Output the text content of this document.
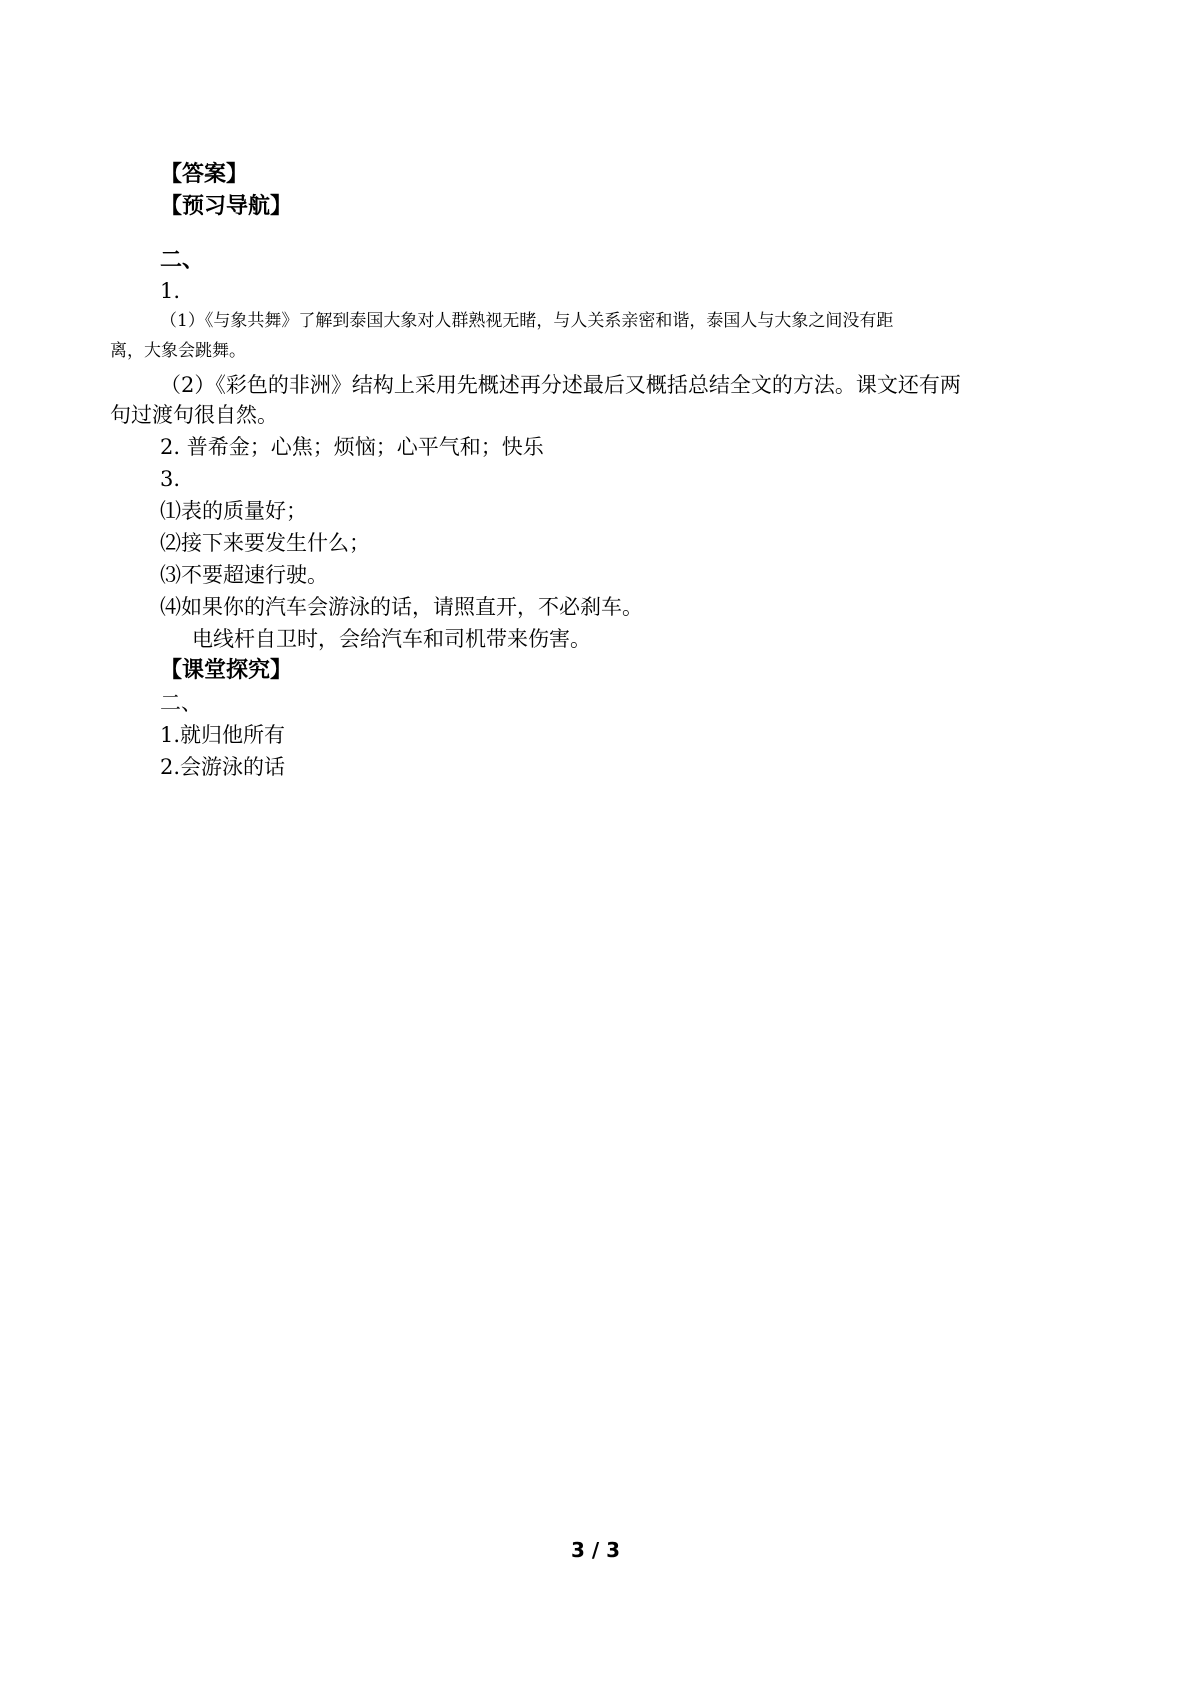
【答案】
【预习导航】
二、
1.
（1）《与象共舞》了解到泰国大象对人群熟视无睹，与人关系亲密和谐，泰国人与大象之间没有距
离，大象会跳舞。
（2）《彩色的非洲》结构上采用先概述再分述最后又概括总结全文的方法。课文还有两
句过渡句很自然。
2. 普希金；心焦；烦恼；心平气和；快乐
3.
⑴表的质量好；
⑵接下来要发生什么；
⑶不要超速行驶。
⑷如果你的汽车会游泳的话，请照直开，不必刹车。
电线杆自卫时，会给汽车和司机带来伤害。
【课堂探究】
二、
1.就归他所有
2.会游泳的话
3 / 3
